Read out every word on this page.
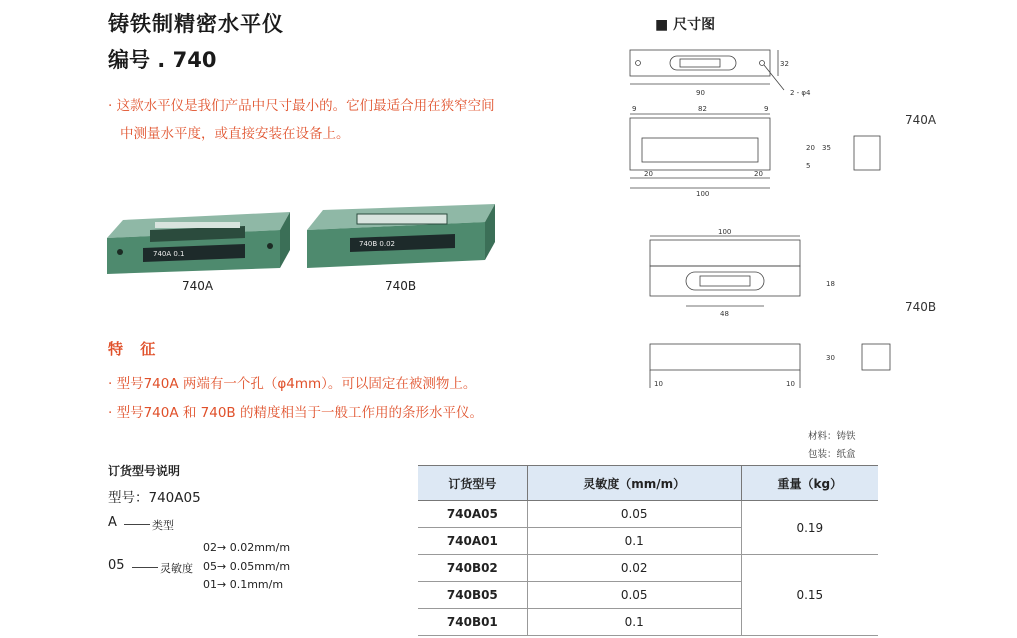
铸铁制精密水平仪
编号 . 740
· 这款水平仪是我们产品中尺寸最小的。它们最适合用在狭窄空间
中测量水平度，或直接安装在设备上。
740A 0.1
740B 0.02
740A	740B
特 征
· 型号740A 两端有一个孔（φ4mm）。可以固定在被测物上。
· 型号740A 和 740B 的精度相当于一般工作用的条形水平仪。
订货型号说明
型号：740A05
A	类型
05	灵敏度
02→ 0.02mm/m
05→ 0.05mm/m
01→ 0.1mm/m
■ 尺寸图
90
32
2 - φ4
9	82	9
20	20
100
20 35
5
100
48
18
10	10
30
740A
740B
材料：铸铁
包装：纸盒
订货型号	灵敏度（mm/m）	重量（kg）
740A05	0.05	0.19
740A01	0.1	
740B02	0.02	0.15
740B05	0.05	
740B01	0.1	
